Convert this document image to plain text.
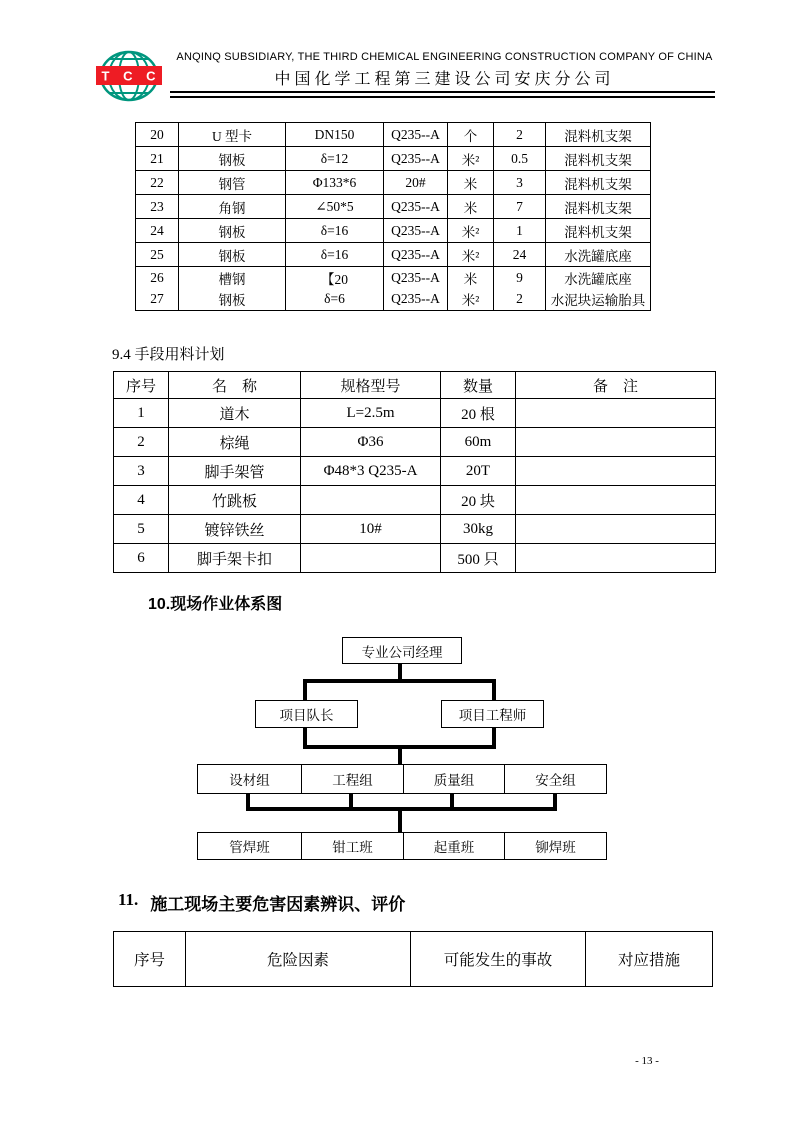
T C C
ANQINQ SUBSIDIARY, THE THIRD CHEMICAL ENGINEERING CONSTRUCTION COMPANY OF CHINA
中国化学工程第三建设公司安庆分公司
20	U 型卡	DN150	Q235--A	个	2	混料机支架
21	钢板	δ=12	Q235--A	米²	0.5	混料机支架
22	钢管	Φ133*6	20#	米	3	混料机支架
23	角钢	∠50*5	Q235--A	米	7	混料机支架
24	钢板	δ=16	Q235--A	米²	1	混料机支架
25	钢板	δ=16	Q235--A	米²	24	水洗罐底座
26	槽钢	【20	Q235--A	米	9	水洗罐底座
27	钢板	δ=6	Q235--A	米²	2	水泥块运输胎具
9.4 手段用料计划
序号	名　称	规格型号	数量	备　注
1	道木	L=2.5m	20 根	
2	棕绳	Φ36	60m	
3	脚手架管	Φ48*3 Q235-A	20T	
4	竹跳板		20 块	
5	镀锌铁丝	10#	30kg	
6	脚手架卡扣		500 只	
10.现场作业体系图
专业公司经理
项目队长	项目工程师
设材组	工程组	质量组	安全组
管焊班	钳工班	起重班	铆焊班
11. 施工现场主要危害因素辨识、评价
序号	危险因素	可能发生的事故	对应措施
- 13 -
